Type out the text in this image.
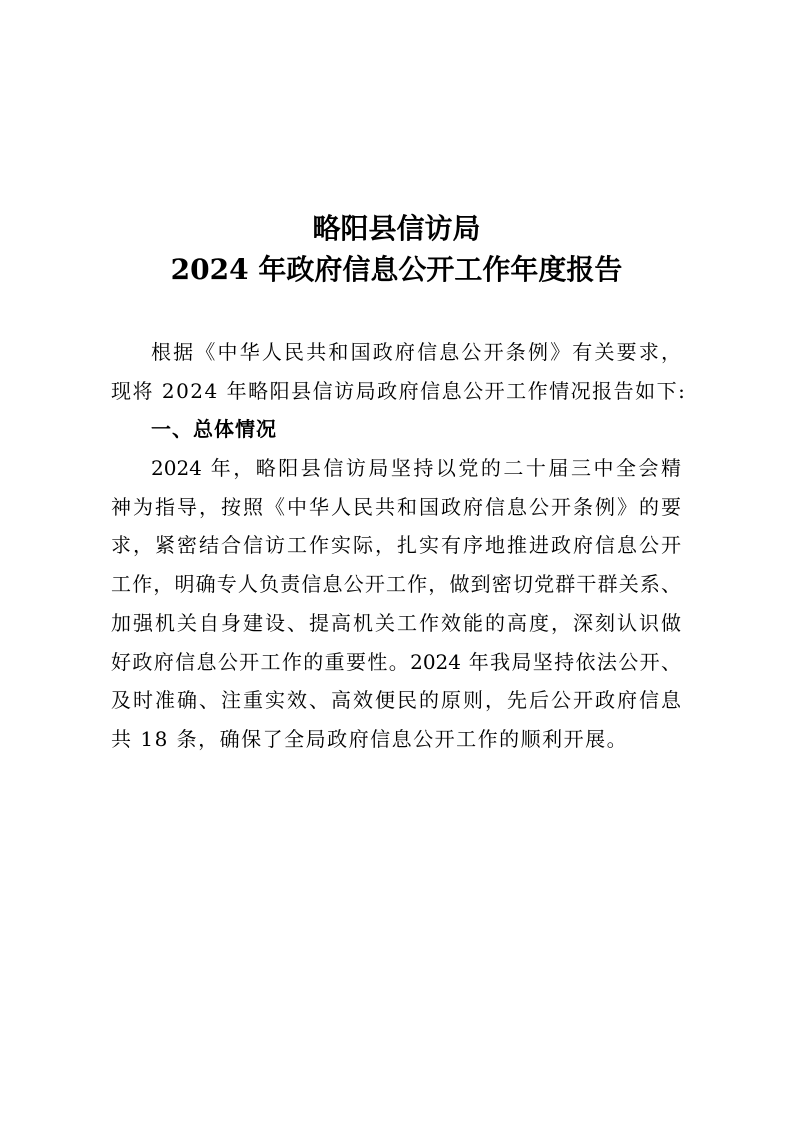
略阳县信访局
2024 年政府信息公开工作年度报告
根据《中华人民共和国政府信息公开条例》有关要求，
现将 2024 年略阳县信访局政府信息公开工作情况报告如下:
一、总体情况
2024 年，略阳县信访局坚持以党的二十届三中全会精
神为指导，按照《中华人民共和国政府信息公开条例》的要
求，紧密结合信访工作实际，扎实有序地推进政府信息公开
工作，明确专人负责信息公开工作，做到密切党群干群关系、
加强机关自身建设、提高机关工作效能的高度，深刻认识做
好政府信息公开工作的重要性。2024 年我局坚持依法公开、
及时准确、注重实效、高效便民的原则，先后公开政府信息
共 18 条，确保了全局政府信息公开工作的顺利开展。
